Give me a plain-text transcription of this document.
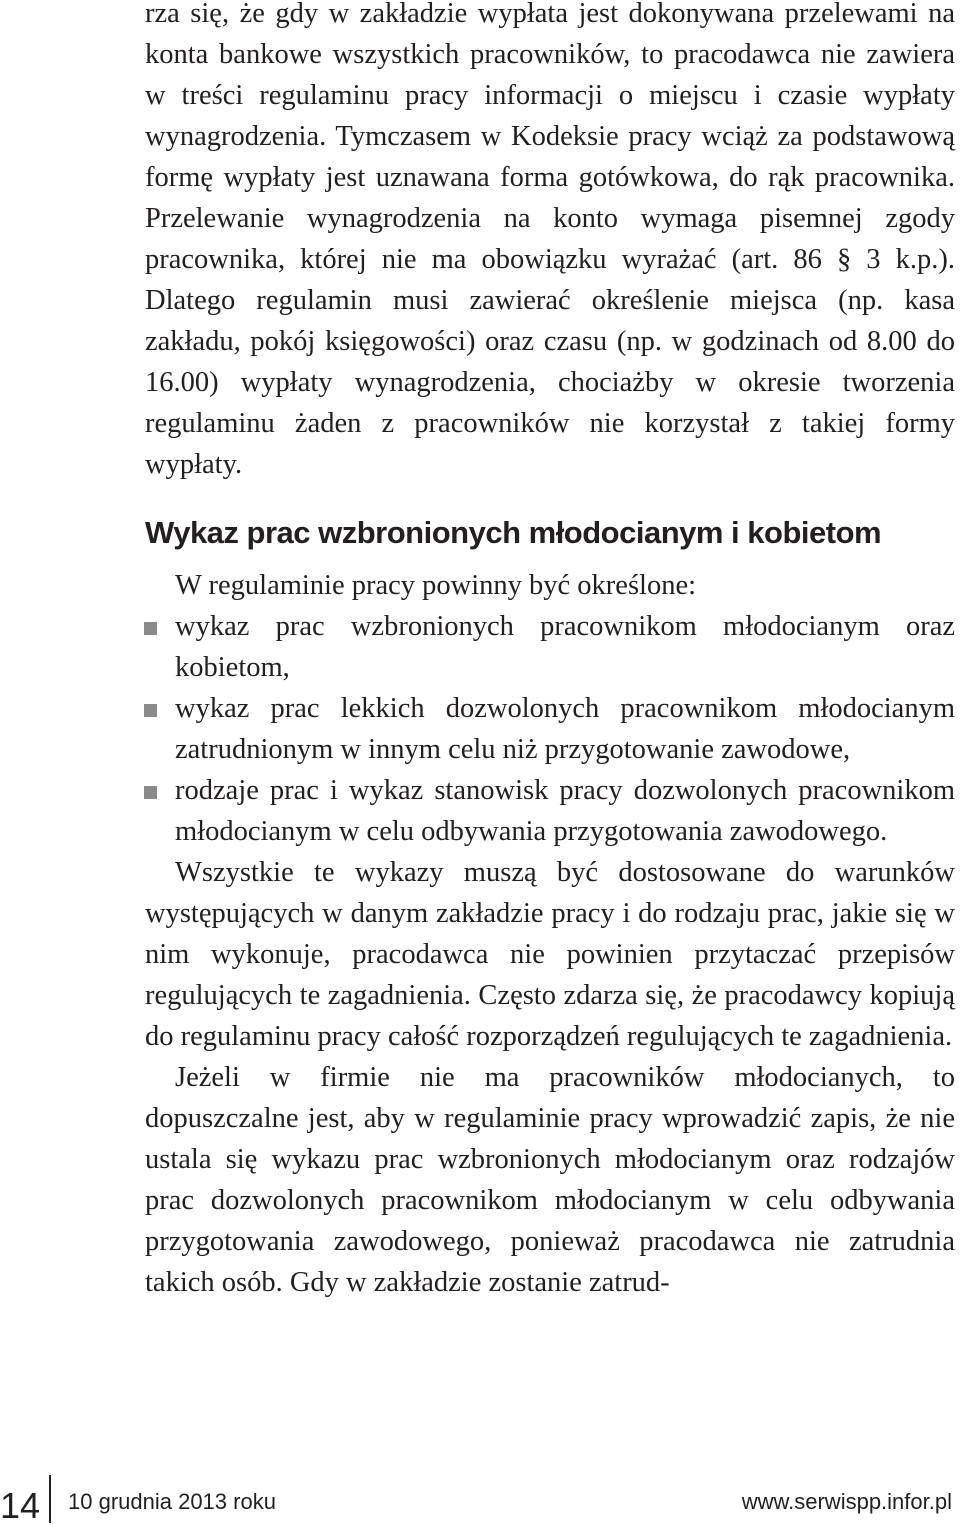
rza się, że gdy w zakładzie wypłata jest dokonywana przelewami na konta bankowe wszystkich pracowników, to pracodawca nie zawiera w treści regulaminu pracy informacji o miejscu i czasie wypłaty wynagrodzenia. Tymczasem w Kodeksie pracy wciąż za podstawową formę wypłaty jest uznawana forma gotówkowa, do rąk pracownika. Przelewanie wynagrodzenia na konto wymaga pisemnej zgody pracownika, której nie ma obowiązku wyrażać (art. 86 § 3 k.p.). Dlatego regulamin musi zawierać określenie miejsca (np. kasa zakładu, pokój księgowości) oraz czasu (np. w godzinach od 8.00 do 16.00) wypłaty wynagrodzenia, chociażby w okresie tworzenia regulaminu żaden z pracowników nie korzystał z takiej formy wypłaty.

Wykaz prac wzbronionych młodocianym i kobietom

W regulaminie pracy powinny być określone:

wykaz prac wzbronionych pracownikom młodocianym oraz kobietom,
wykaz prac lekkich dozwolonych pracownikom młodocianym zatrudnionym w innym celu niż przygotowanie zawodowe,
rodzaje prac i wykaz stanowisk pracy dozwolonych pracownikom młodocianym w celu odbywania przygotowania zawodowego.

Wszystkie te wykazy muszą być dostosowane do warunków występujących w danym zakładzie pracy i do rodzaju prac, jakie się w nim wykonuje, pracodawca nie powinien przytaczać przepisów regulujących te zagadnienia. Często zdarza się, że pracodawcy kopiują do regulaminu pracy całość rozporządzeń regulujących te zagadnienia.

Jeżeli w firmie nie ma pracowników młodocianych, to dopuszczalne jest, aby w regulaminie pracy wprowadzić zapis, że nie ustala się wykazu prac wzbronionych młodocianym oraz rodzajów prac dozwolonych pracownikom młodocianym w celu odbywania przygotowania zawodowego, ponieważ pracodawca nie zatrudnia takich osób. Gdy w zakładzie zostanie zatrud-

14 10 grudnia 2013 roku	www.serwispp.infor.pl
